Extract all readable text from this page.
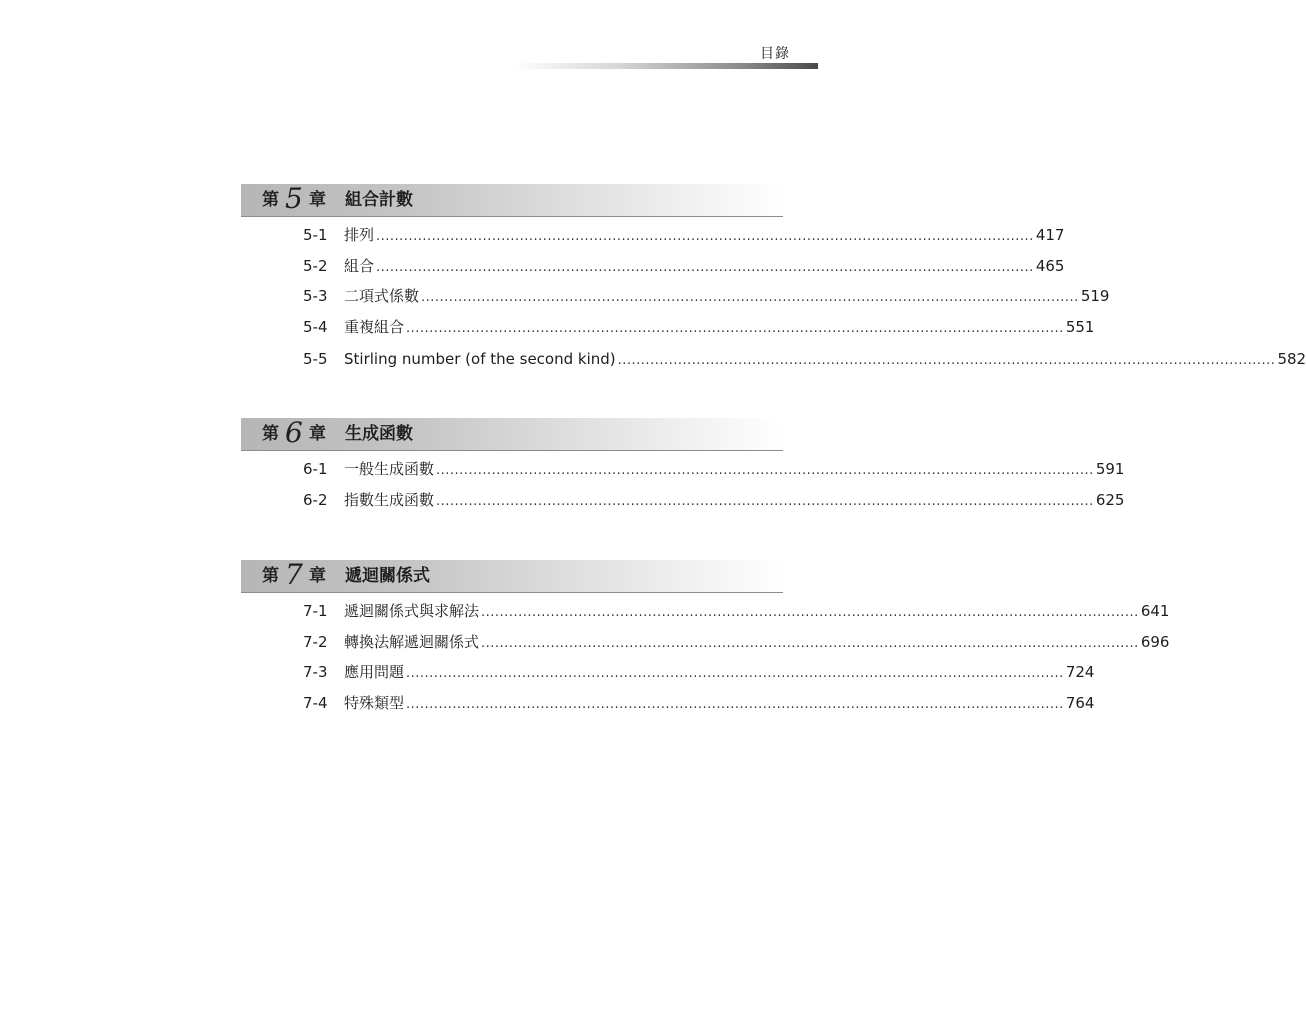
目錄
第 5 章 組合計數
5-1 排列 .............................................................................................................................................. 417
5-2 組合 .............................................................................................................................................. 465
5-3 二項式係數 .............................................................................................................................................. 519
5-4 重複組合 .............................................................................................................................................. 551
5-5 Stirling number (of the second kind) .............................................................................................................................................. 582
第 6 章 生成函數
6-1 一般生成函數 .............................................................................................................................................. 591
6-2 指數生成函數 .............................................................................................................................................. 625
第 7 章 遞迴關係式
7-1 遞迴關係式與求解法 .............................................................................................................................................. 641
7-2 轉換法解遞迴關係式 .............................................................................................................................................. 696
7-3 應用問題 .............................................................................................................................................. 724
7-4 特殊類型 .............................................................................................................................................. 764
